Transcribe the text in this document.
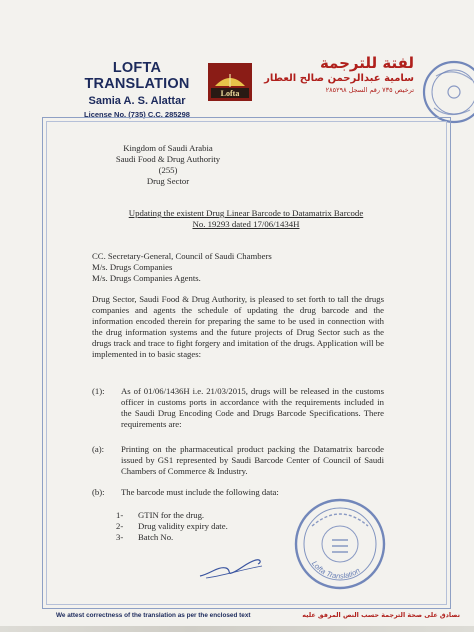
LOFTA TRANSLATION
Samia A. S. Alattar
License No. (735) C.C. 285298
Lofta
لفتة للترجمة
سامية عبدالرحمن صالح العطار
ترخيص ٧٣٥ رقم السجل ٢٨٥٢٩٨
Kingdom of Saudi Arabia
Saudi Food & Drug Authority
(255)
Drug Sector
Updating the existent Drug Linear Barcode to Datamatrix Barcode
No. 19293 dated 17/06/1434H
CC. Secretary-General, Council of Saudi Chambers
M/s. Drugs Companies
M/s. Drugs Companies Agents.
Drug Sector, Saudi Food & Drug Authority, is pleased to set forth to tall the drugs companies and agents the schedule of updating the drug barcode and the information encoded therein for preparing the same to be used in connection with the drug information systems and the future projects of Drug Sector such as the drugs track and trace to fight forgery and imitation of the drugs. Application will be implemented in to basic stages:
(1): As of 01/06/1436H i.e. 21/03/2015, drugs will be released in the customs officer in customs ports in accordance with the requirements included in the Saudi Drug Encoding Code and Drugs Barcode Specifications. There requirements are:
(a): Printing on the pharmaceutical product packing the Datamatrix barcode issued by GS1 represented by Saudi Barcode Center of Council of Saudi Chambers of Commerce & Industry.
(b): The barcode must include the following data:
1- GTIN for the drug.
2- Drug validity expiry date.
3- Batch No.
Lofta Translation
We attest correctness of the translation as per the enclosed text	نصادق على صحة الترجمة حسب النص المرفق عليه
